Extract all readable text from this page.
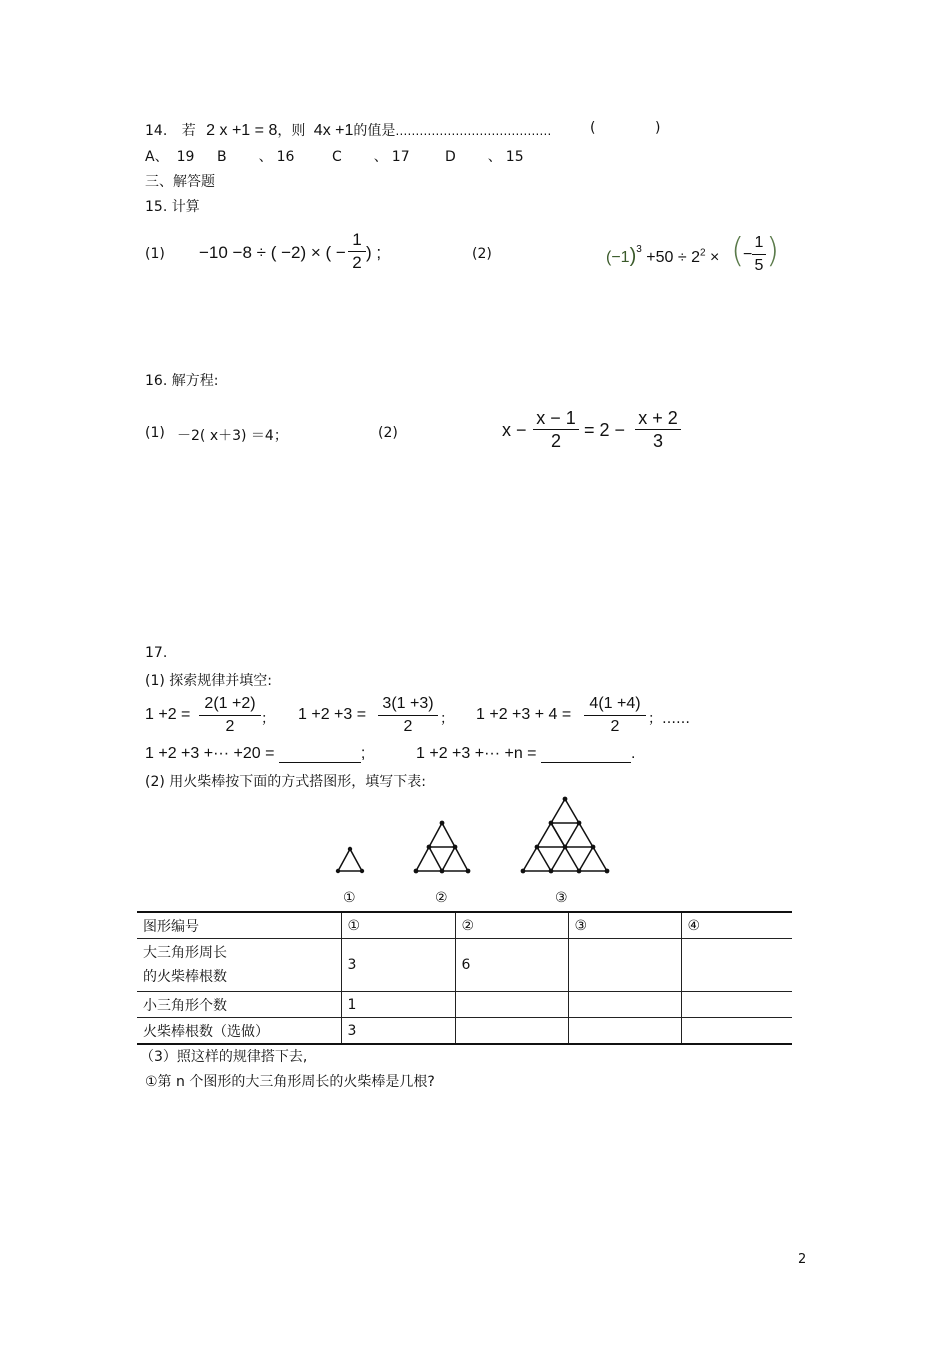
14. 若 2 x +1 = 8，则 4x +1的值是…………………………………	(	)
A、 19 B 、 16	C 、 17	D 、 15
三、解答题
15. 计算
(1) −10 −8 ÷ ( −2) × ( −
1
2
) ;	(2)	$(-1)^3 +50 \div 2^2$ × (
−
1
5 )
16. 解方程:
(1) －2( x＋3) ＝4；	(2)	x −
x − 1
2
= 2 −
x + 2
3
17.
(1) 探索规律并填空:
1 +2 =
2(1 +2)
2	； 1 +2 +3 =
3(1 +3)
2	； 1 +2 +3 + 4 =
4(1 +4)
2	；……
1 +2 +3 +··· +20 =	;	1 +2 +3 +··· +n =	.
(2) 用火柴棒按下面的方式搭图形，填写下表:
①	②	③
图形编号	①	②	③	④
大三角形周长
的火柴棒根数	3	6		
小三角形个数	1			
火柴棒根数（选做）	3			
（3）照这样的规律搭下去,
①第 n 个图形的大三角形周长的火柴棒是几根?
2
